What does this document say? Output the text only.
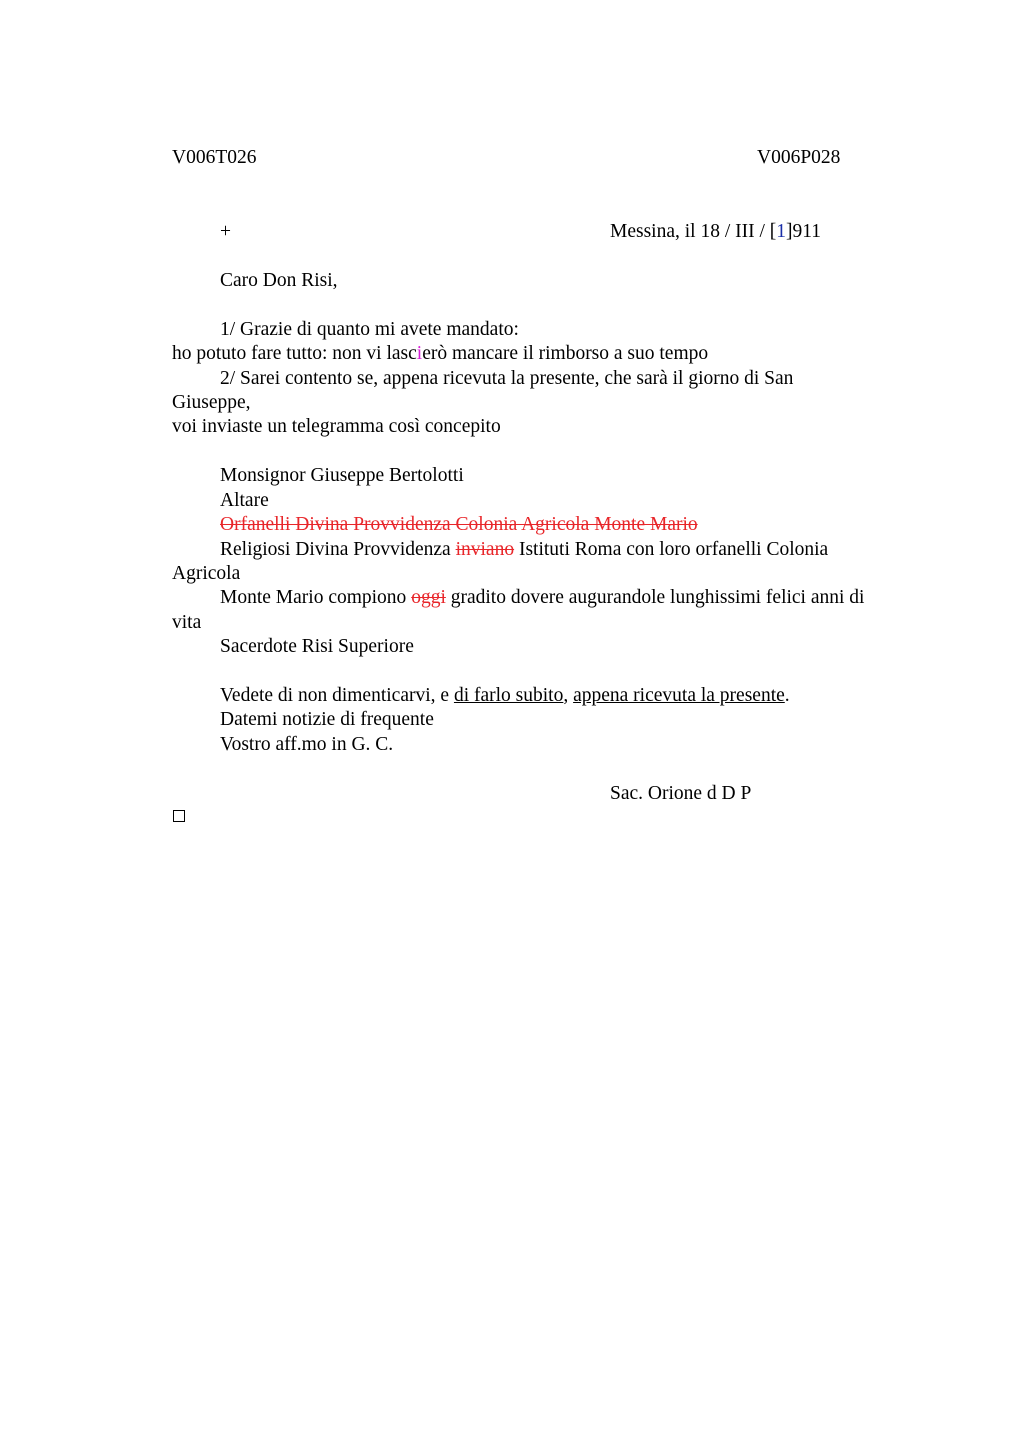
V006T026	V006P028
+	Messina, il 18 / III / [1]911
Caro Don Risi,
1/ Grazie di quanto mi avete mandato:
ho potuto fare tutto: non vi lascierò mancare il rimborso a suo tempo
2/ Sarei contento se, appena ricevuta la presente, che sarà il giorno di San
Giuseppe,
voi inviaste un telegramma così concepito
Monsignor Giuseppe Bertolotti
Altare
Orfanelli Divina Provvidenza Colonia Agricola Monte Mario
Religiosi Divina Provvidenza inviano Istituti Roma con loro orfanelli Colonia
Agricola
Monte Mario compiono oggi gradito dovere augurandole lunghissimi felici anni di
vita
Sacerdote Risi Superiore
Vedete di non dimenticarvi, e di farlo subito, appena ricevuta la presente.
Datemi notizie di frequente
Vostro aff.mo in G. C.
Sac. Orione d D P
